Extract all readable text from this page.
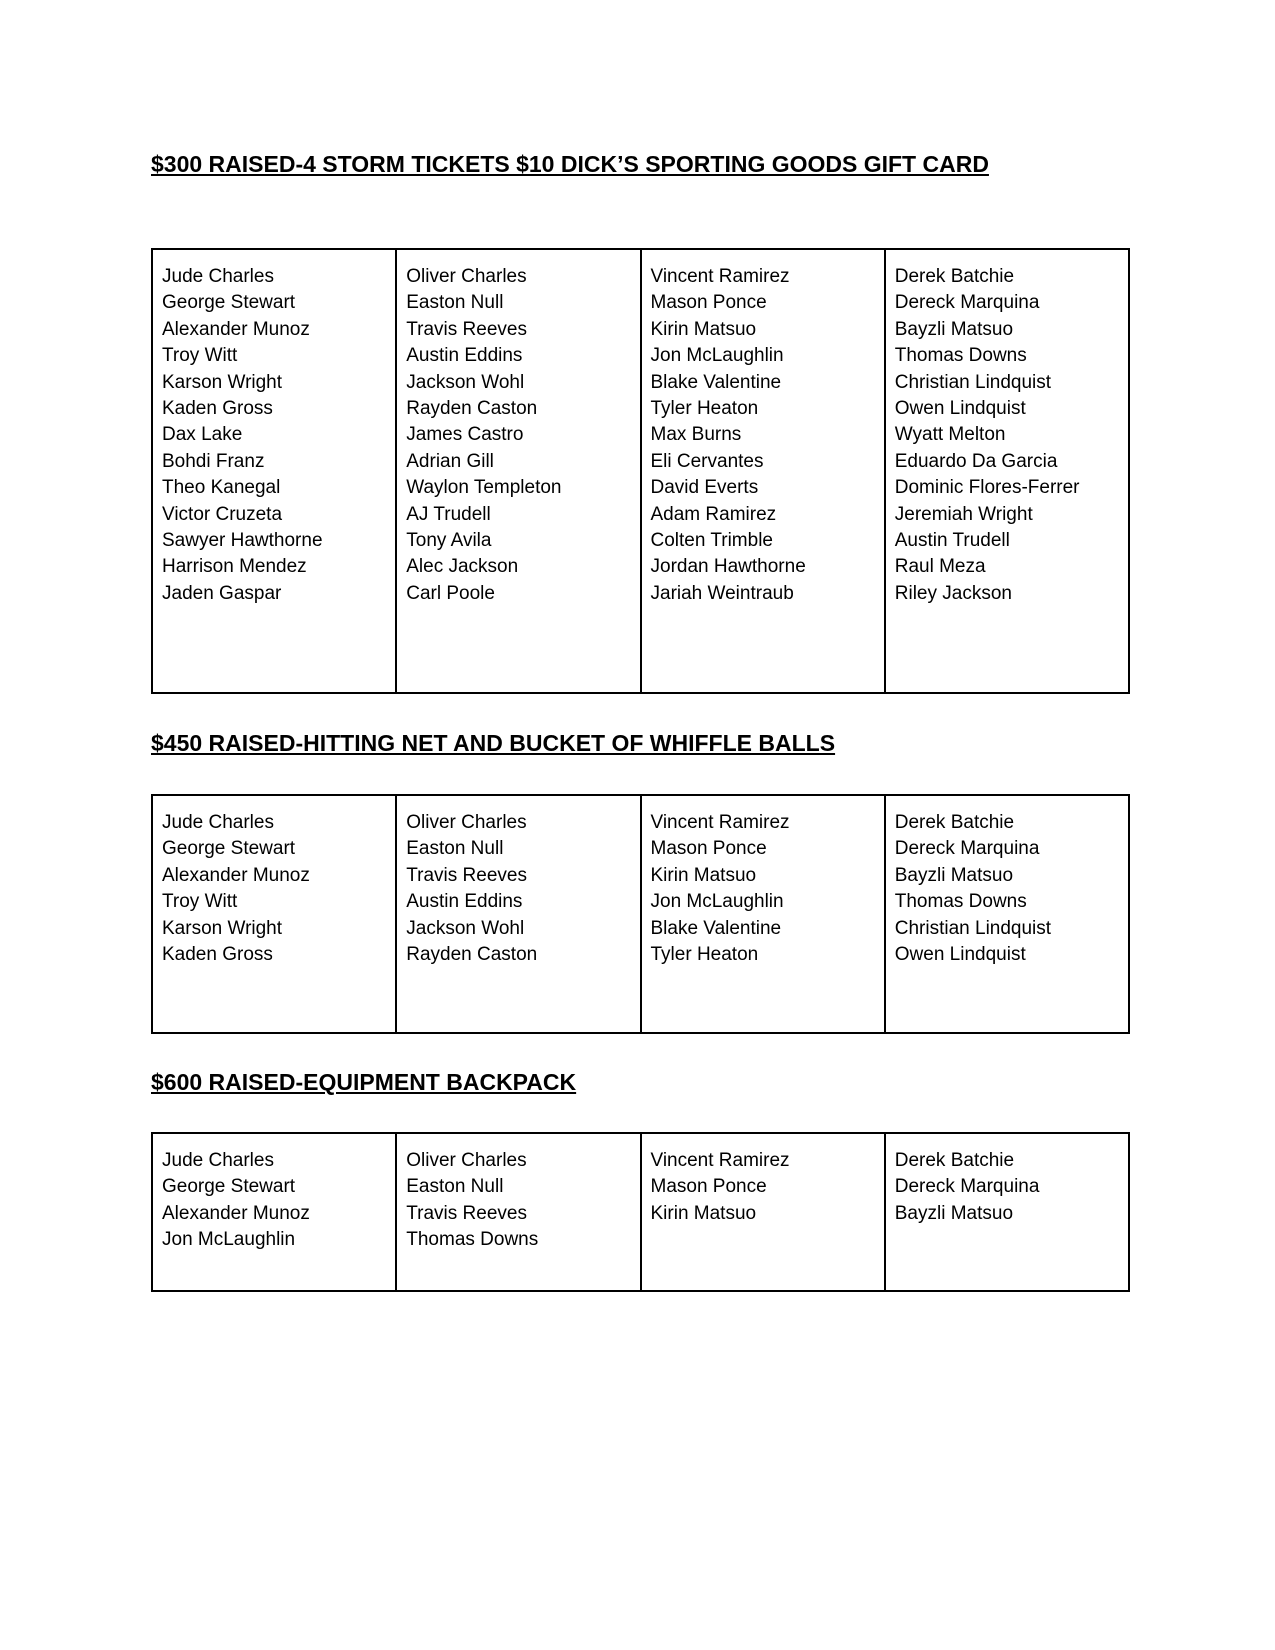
$300 RAISED-4 STORM TICKETS $10 DICK’S SPORTING GOODS GIFT CARD
Jude Charles
George Stewart
Alexander Munoz
Troy Witt
Karson Wright
Kaden Gross
Dax Lake
Bohdi Franz
Theo Kanegal
Victor Cruzeta
Sawyer Hawthorne
Harrison Mendez
Jaden Gaspar
Oliver Charles
Easton Null
Travis Reeves
Austin Eddins
Jackson Wohl
Rayden Caston
James Castro
Adrian Gill
Waylon Templeton
AJ Trudell
Tony Avila
Alec Jackson
Carl Poole
Vincent Ramirez
Mason Ponce
Kirin Matsuo
Jon McLaughlin
Blake Valentine
Tyler Heaton
Max Burns
Eli Cervantes
David Everts
Adam Ramirez
Colten Trimble
Jordan Hawthorne
Jariah Weintraub
Derek Batchie
Dereck Marquina
Bayzli Matsuo
Thomas Downs
Christian Lindquist
Owen Lindquist
Wyatt Melton
Eduardo Da Garcia
Dominic Flores-Ferrer
Jeremiah Wright
Austin Trudell
Raul Meza
Riley Jackson
$450 RAISED-HITTING NET AND BUCKET OF WHIFFLE BALLS
Jude Charles
George Stewart
Alexander Munoz
Troy Witt
Karson Wright
Kaden Gross
Oliver Charles
Easton Null
Travis Reeves
Austin Eddins
Jackson Wohl
Rayden Caston
Vincent Ramirez
Mason Ponce
Kirin Matsuo
Jon McLaughlin
Blake Valentine
Tyler Heaton
Derek Batchie
Dereck Marquina
Bayzli Matsuo
Thomas Downs
Christian Lindquist
Owen Lindquist
$600 RAISED-EQUIPMENT BACKPACK
Jude Charles
George Stewart
Alexander Munoz
Jon McLaughlin
Oliver Charles
Easton Null
Travis Reeves
Thomas Downs
Vincent Ramirez
Mason Ponce
Kirin Matsuo
Derek Batchie
Dereck Marquina
Bayzli Matsuo
